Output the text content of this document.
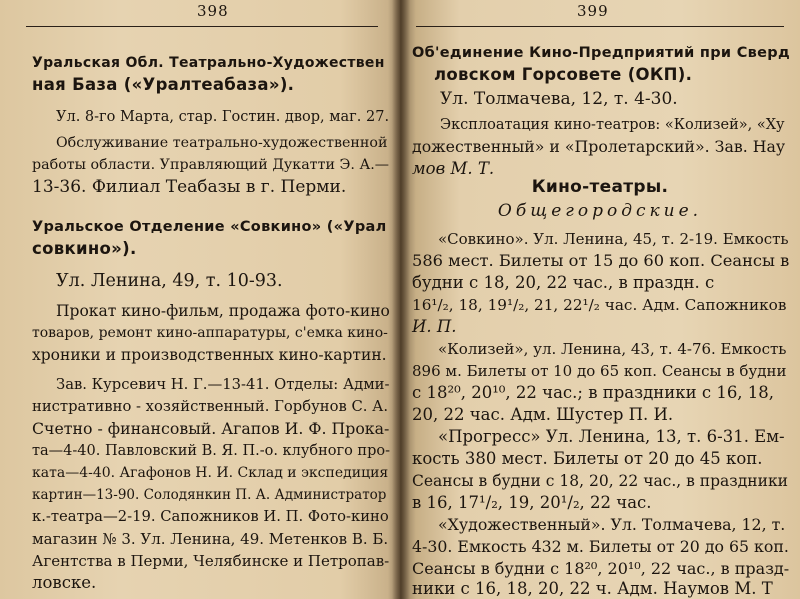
398
Уральская Обл. Театрально-Художествен
ная База («Уралтеабаза»).
Ул. 8-го Марта, стар. Гостин. двор, маг. 27.
Обслуживание театрально-художественной
работы области. Управляющий Дукатти Э. А.—
13-36. Филиал Теабазы в г. Перми.
Уральское Отделение «Совкино» («Урал
совкино»).
Ул. Ленина, 49, т. 10-93.
Прокат кино-фильм, продажа фото-кино
товаров, ремонт кино-аппаратуры, с'емка кино-
хроники и производственных кино-картин.
Зав. Курсевич Н. Г.—13-41. Отделы: Адми-
нистративно - хозяйственный. Горбунов С. А.
Счетно - финансовый. Агапов И. Ф. Прока-
та—4-40. Павловский В. Я. П.-о. клубного про-
ката—4-40. Агафонов Н. И. Склад и экспедиция
картин—13-90. Солодянкин П. А. Администратор
к.-театра—2-19. Сапожников И. П. Фото-кино
магазин № 3. Ул. Ленина, 49. Метенков В. Б.
Агентства в Перми, Челябинске и Петропав-
ловске.
399
Об'единение Кино-Предприятий при Сверд
ловском Горсовете (ОКП).
Ул. Толмачева, 12, т. 4-30.
Эксплоатация кино-театров: «Колизей», «Ху
дожественный» и «Пролетарский». Зав. Нау
мов М. Т.
Кино-театры.
Общегородские.
«Совкино». Ул. Ленина, 45, т. 2-19. Емкость
586 мест. Билеты от 15 до 60 коп. Сеансы в
будни с 18, 20, 22 час., в праздн. с
16¹/₂, 18, 19¹/₂, 21, 22¹/₂ час. Адм. Сапожников
И. П.
«Колизей», ул. Ленина, 43, т. 4-76. Емкость
896 м. Билеты от 10 до 65 коп. Сеансы в будни
с 18²⁰, 20¹⁰, 22 час.; в праздники с 16, 18,
20, 22 час. Адм. Шустер П. И.
«Прогресс» Ул. Ленина, 13, т. 6-31. Ем-
кость 380 мест. Билеты от 20 до 45 коп.
Сеансы в будни с 18, 20, 22 час., в праздники
в 16, 17¹/₂, 19, 20¹/₂, 22 час.
«Художественный». Ул. Толмачева, 12, т.
4-30. Емкость 432 м. Билеты от 20 до 65 коп.
Сеансы в будни с 18²⁰, 20¹⁰, 22 час., в празд-
ники с 16, 18, 20, 22 ч. Адм. Наумов М. Т
